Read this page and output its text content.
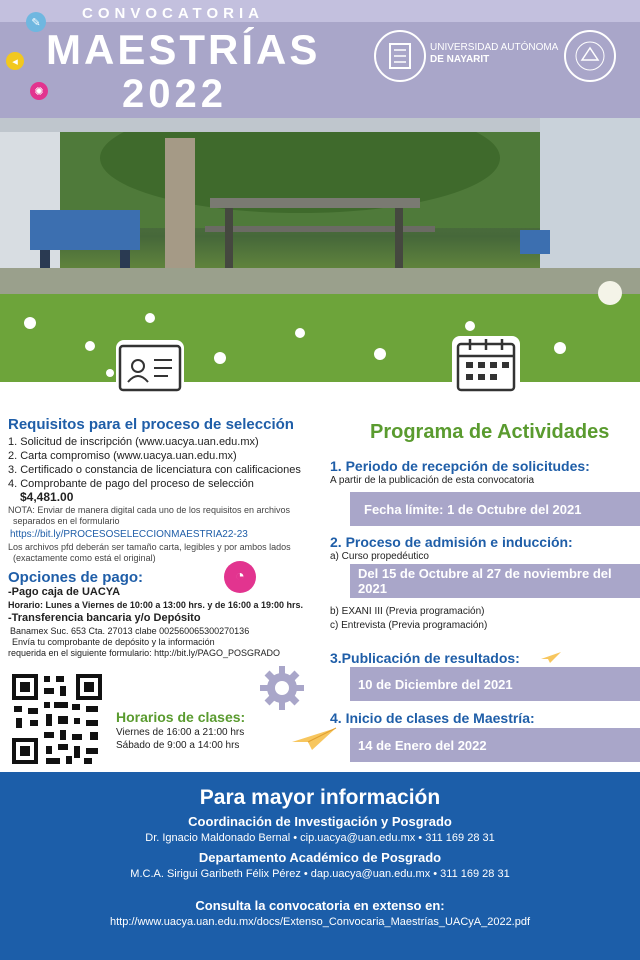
✎
◂
✺
CONVOCATORIA
MAESTRÍAS
2022
UNIVERSIDAD AUTÓNOMA
DE NAYARIT
Requisitos para el proceso de selección
1. Solicitud de inscripción (www.uacya.uan.edu.mx)
2. Carta compromiso (www.uacya.uan.edu.mx)
3. Certificado o constancia de licenciatura con calificaciones
4. Comprobante de pago del proceso de selección
$4,481.00
NOTA: Enviar de manera digital cada uno de los requisitos en archivos
separados en el formulario
https://bit.ly/PROCESOSELECCIONMAESTRIA22-23
Los archivos pfd deberán ser tamaño carta, legibles y por ambos lados
(exactamente como está el original)
Opciones de pago:	◔
-Pago caja de UACYA
Horario: Lunes a Viernes de 10:00 a 13:00 hrs. y de 16:00 a 19:00 hrs.
-Transferencia bancaria y/o Depósito
Banamex Suc. 653 Cta. 27013 clabe 002560065300270136
Envía tu comprobante de depósito y la información
requerida en el siguiente formulario: http://bit.ly/PAGO_POSGRADO
Horarios de clases:
Viernes de 16:00 a 21:00 hrs
Sábado de 9:00 a 14:00 hrs
Programa de Actividades
1. Periodo de recepción de solicitudes:
A partir de la publicación de esta convocatoria
Fecha límite: 1 de Octubre del 2021
2. Proceso de admisión e inducción:
a) Curso propedéutico
Del 15 de Octubre al 27 de noviembre del 2021
b) EXANI III (Previa programación)
c) Entrevista (Previa programación)
3.Publicación de resultados:
10 de Diciembre del 2021
4. Inicio de clases de Maestría:
14 de Enero del 2022
Para mayor información
Coordinación de Investigación y Posgrado
Dr. Ignacio Maldonado Bernal • cip.uacya@uan.edu.mx • 311 169 28 31
Departamento Académico de Posgrado
M.C.A. Sirigui Garibeth Félix Pérez • dap.uacya@uan.edu.mx • 311 169 28 31
Consulta la convocatoria en extenso en:
http://www.uacya.uan.edu.mx/docs/Extenso_Convocaria_Maestrías_UACyA_2022.pdf
